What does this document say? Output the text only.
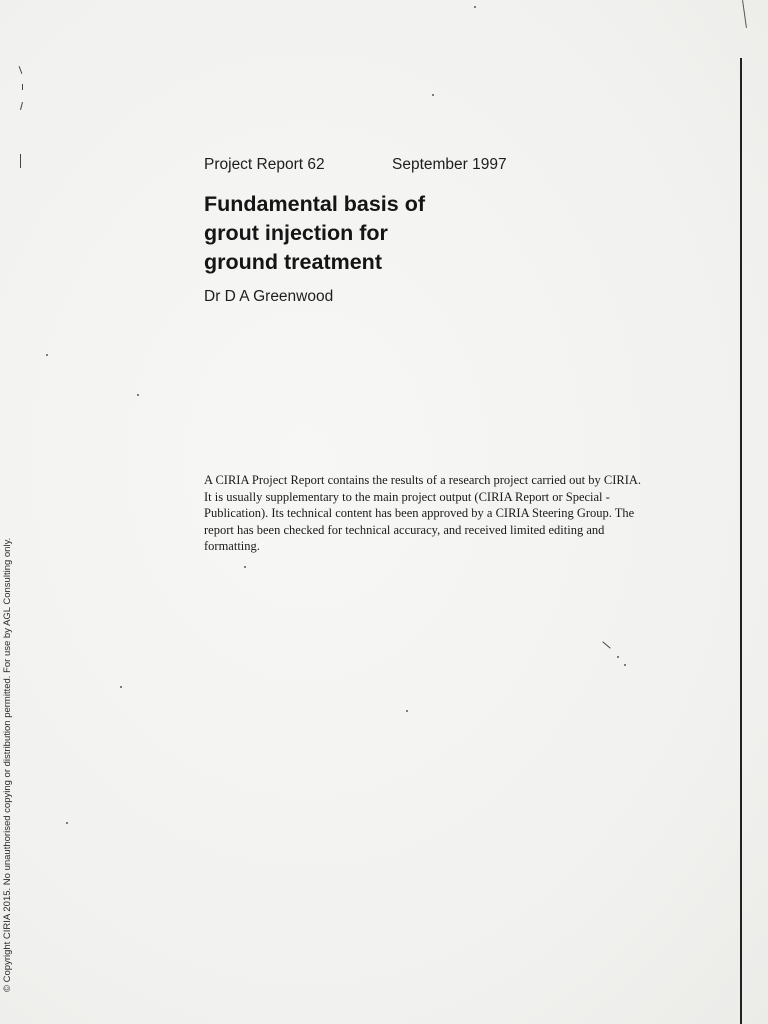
Project Report 62	September 1997
Fundamental basis of
grout injection for
ground treatment
Dr D A Greenwood
A CIRIA Project Report contains the results of a research project carried out by CIRIA.
It is usually supplementary to the main project output (CIRIA Report or Special -
Publication). Its technical content has been approved by a CIRIA Steering Group. The
report has been checked for technical accuracy, and received limited editing and
formatting.
© Copyright CIRIA 2015. No unauthorised copying or distribution permitted. For use by AGL Consulting only.
